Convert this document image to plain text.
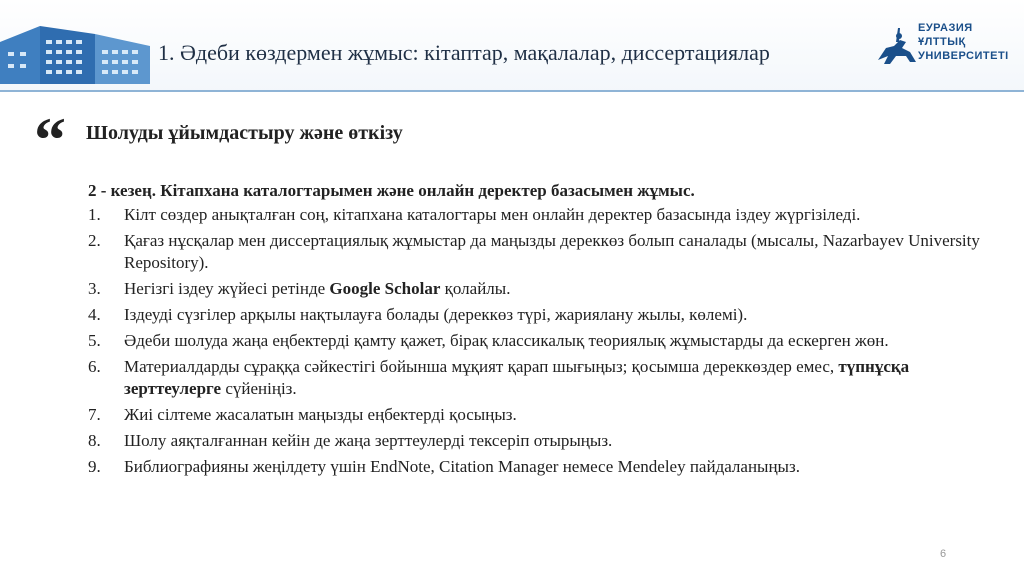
1. Әдеби көздермен жұмыс: кітаптар, мақалалар, диссертациялар
ЕУРАЗИЯ
ҰЛТТЫҚ
УНИВЕРСИТЕТІ
“ Шолуды ұйымдастыру және өткізу
2 - кезең. Кітапхана каталогтарымен және онлайн деректер базасымен жұмыс.
1. Кілт сөздер анықталған соң, кітапхана каталогтары мен онлайн деректер базасында іздеу жүргізіледі.
2. Қағаз нұсқалар мен диссертациялық жұмыстар да маңызды дереккөз болып саналады (мысалы, Nazarbayev University Repository).
3. Негізгі іздеу жүйесі ретінде Google Scholar қолайлы.
4. Іздеуді сүзгілер арқылы нақтылауға болады (дереккөз түрі, жариялану жылы, көлемі).
5. Әдеби шолуда жаңа еңбектерді қамту қажет, бірақ классикалық теориялық жұмыстарды да ескерген жөн.
6. Материалдарды сұраққа сәйкестігі бойынша мұқият қарап шығыңыз; қосымша дереккөздер емес, түпнұсқа зерттеулерге сүйеніңіз.
7. Жиі сілтеме жасалатын маңызды еңбектерді қосыңыз.
8. Шолу аяқталғаннан кейін де жаңа зерттеулерді тексеріп отырыңыз.
9. Библиографияны жеңілдету үшін EndNote, Citation Manager немесе Mendeley пайдаланыңыз.
6
